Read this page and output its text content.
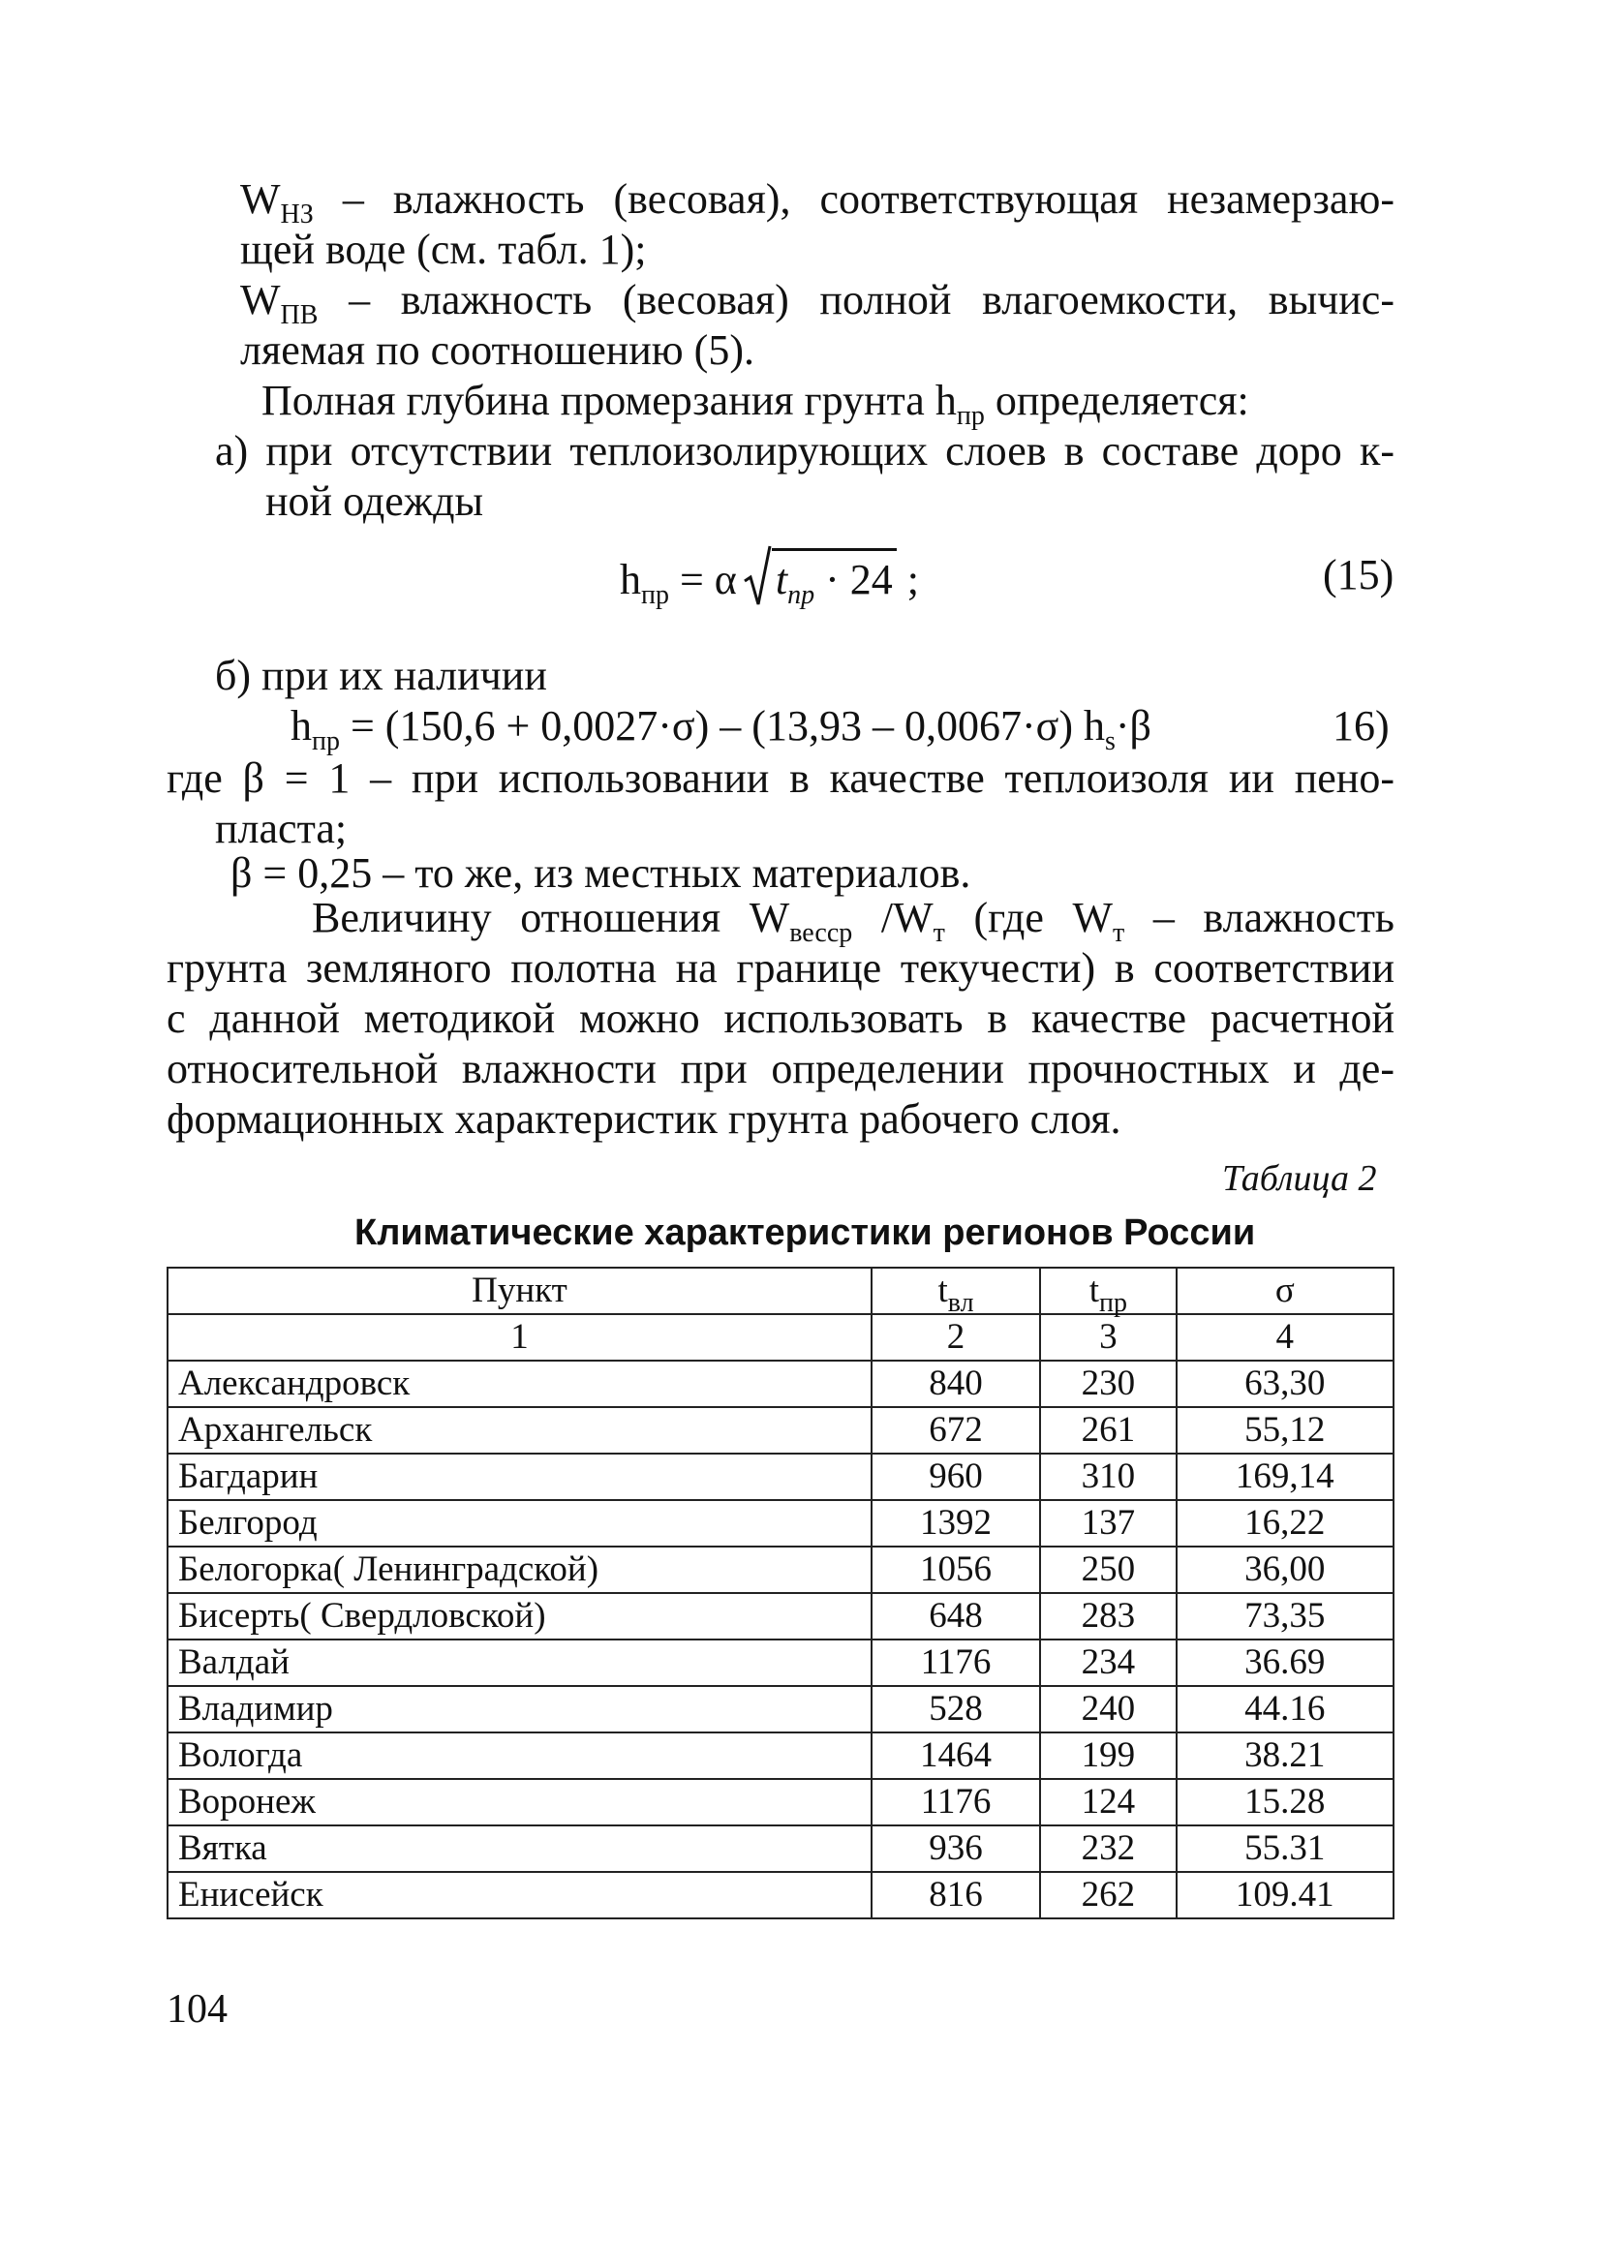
$W_{НЗ}$ – влажность (весовая), соответствующая незамерзаю-
щей воде (см. табл. 1);
$W_{ПВ}$ – влажность (весовая) полной влагоемкости, вычис-
ляемая по соотношению (5).
Полная глубина промерзания грунта $h_{пр}$ определяется:
а) при отсутствии теплоизолирующих слоев в составе доро к-
ной одежды
$h_{пр} = \alpha$ $t_{пр} \cdot 24$ ;	(15)
б) при их наличии
$h_{пр} = (150,6 + 0,0027\cdot\sigma) - (13,93 - 0,0067\cdot\sigma)$ $h_s\cdot\beta$	16)
где β = 1 – при использовании в качестве теплоизоля ии пено-
пласта;
β = 0,25 – то же, из местных материалов.
Величину отношения $W_{вессp}$ $/W_т$ (где $W_т$ – влажность
грунта земляного полотна на границе текучести) в соответствии
с данной методикой можно использовать в качестве расчетной
относительной влажности при определении прочностных и де-
формационных характеристик грунта рабочего слоя.
Таблица 2
Климатические характеристики регионов России
Пункт	$t_{вл}$	$t_{пр}$	σ
1	2	3	4
Александровск	840	230	63,30
Архангельск	672	261	55,12
Багдарин	960	310	169,14
Белгород	1392	137	16,22
Белогорка( Ленинградской)	1056	250	36,00
Бисерть( Свердловской)	648	283	73,35
Валдай	1176	234	36.69
Владимир	528	240	44.16
Вологда	1464	199	38.21
Воронеж	1176	124	15.28
Вятка	936	232	55.31
Енисейск	816	262	109.41
104
